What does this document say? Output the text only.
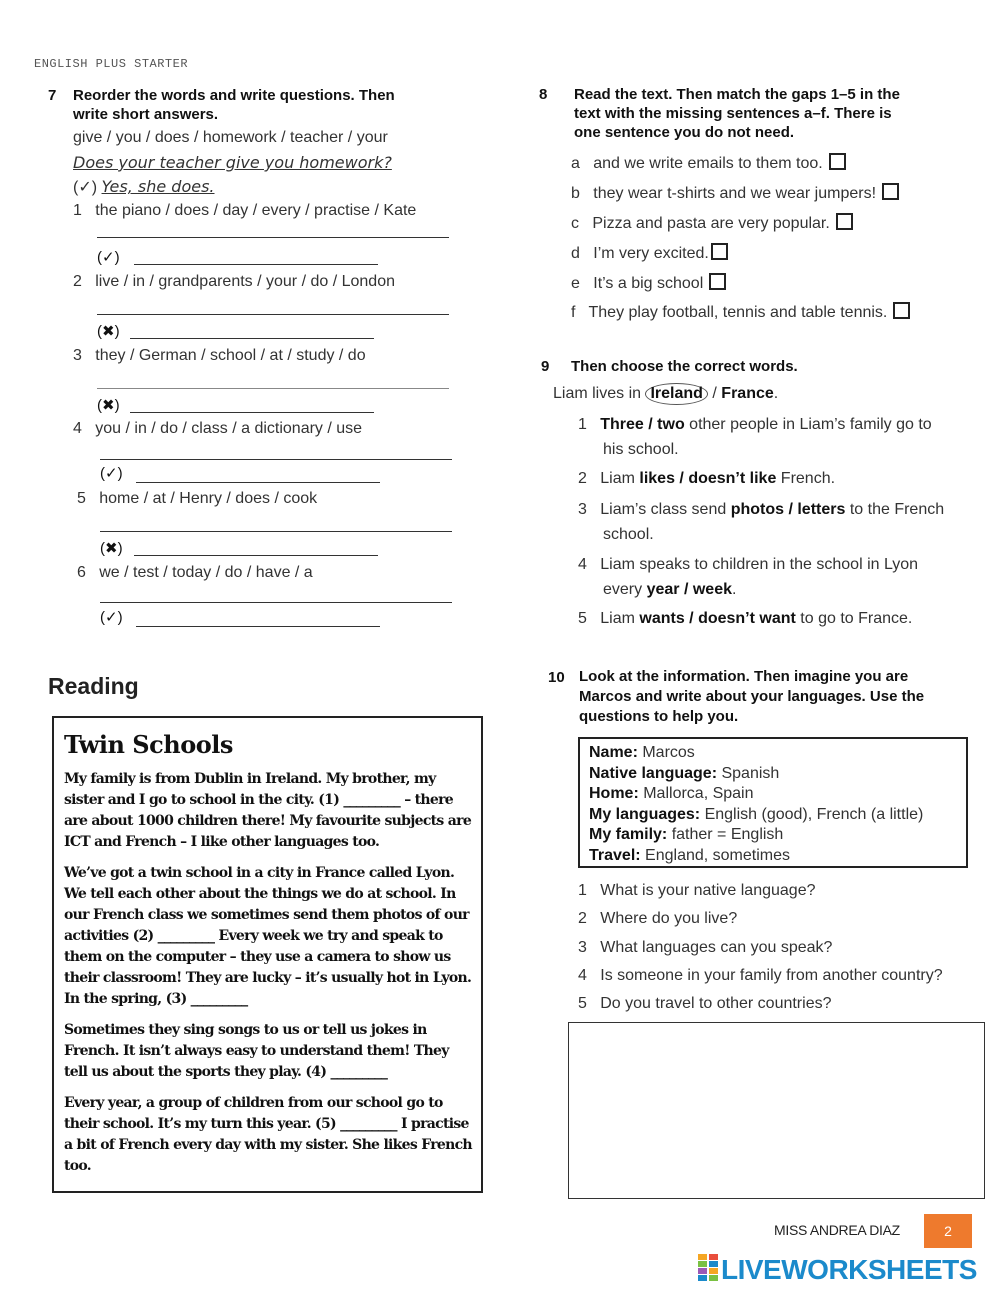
ENGLISH PLUS STARTER
7 Reorder the words and write questions. Then
write short answers.
give / you / does / homework / teacher / your
Does your teacher give you homework?
(✓) Yes, she does.
1 the piano / does / day / every / practise / Kate
(✓)
2 live / in / grandparents / your / do / London
(✖)
3 they / German / school / at / study / do
(✖)
4 you / in / do / class / a dictionary / use
(✓)
5 home / at / Henry / does / cook
(✖)
6 we / test / today / do / have / a
(✓)
Reading
Twin Schools

My family is from Dublin in Ireland. My brother, my sister and I go to school in the city. (1) _________ – there are about 1000 children there! My favourite subjects are ICT and French – I like other languages too.

We’ve got a twin school in a city in France called Lyon. We tell each other about the things we do at school. In our French class we sometimes send them photos of our activities (2) _________ Every week we try and speak to them on the computer – they use a camera to show us their classroom! They are lucky – it’s usually hot in Lyon. In the spring, (3) _________

Sometimes they sing songs to us or tell us jokes in French. It isn’t always easy to understand them! They tell us about the sports they play. (4) _________

Every year, a group of children from our school go to their school. It’s my turn this year. (5) _________ I practise a bit of French every day with my sister. She likes French too.

8 Read the text. Then match the gaps 1–5 in the
text with the missing sentences a–f. There is
one sentence you do not need.
a and we write emails to them too.
b they wear t-shirts and we wear jumpers!
c Pizza and pasta are very popular.
d I’m very excited.
e It’s a big school
f They play football, tennis and table tennis.
9 Then choose the correct words.
Liam lives in Ireland / France.
1 Three / two other people in Liam’s family go to
his school.
2 Liam likes / doesn’t like French.
3 Liam’s class send photos / letters to the French
school.
4 Liam speaks to children in the school in Lyon
every year / week.
5 Liam wants / doesn’t want to go to France.
10 Look at the information. Then imagine you are
Marcos and write about your languages. Use the
questions to help you.
Name: Marcos
Native language: Spanish
Home: Mallorca, Spain
My languages: English (good), French (a little)
My family: father = English
Travel: England, sometimes
1 What is your native language?
2 Where do you live?
3 What languages can you speak?
4 Is someone in your family from another country?
5 Do you travel to other countries?
MISS ANDREA DIAZ	2
LIVEWORKSHEETS
